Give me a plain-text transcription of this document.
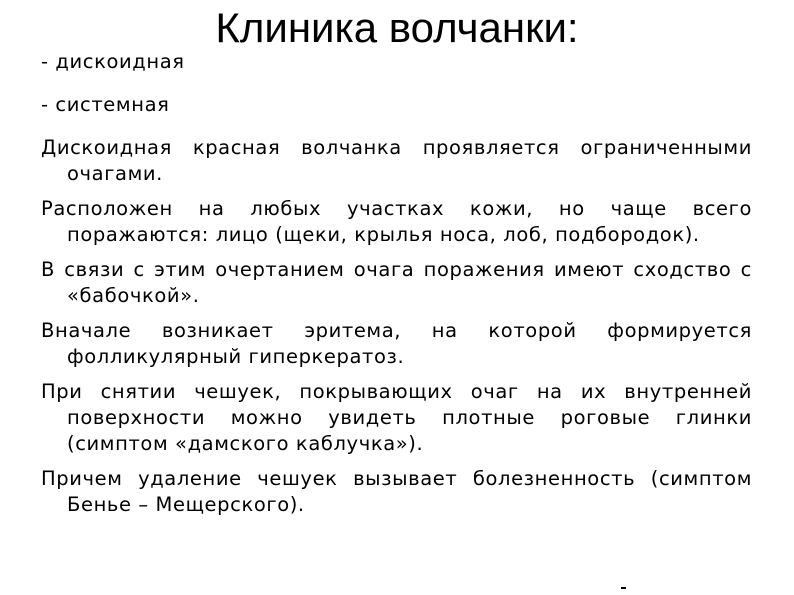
Клиника волчанки:

- дискоидная

- системная

Дискоидная красная волчанка проявляется ограниченными очагами.

Расположен на любых участках кожи, но чаще всего поражаются: лицо (щеки, крылья носа, лоб, подбородок).

В связи с этим очертанием очага поражения имеют сходство с «бабочкой».

Вначале возникает эритема, на которой формируется фолликулярный гиперкератоз.

При снятии чешуек, покрывающих очаг на их внутренней поверхности можно увидеть плотные роговые глинки (симптом «дамского каблучка»).

Причем удаление чешуек вызывает болезненность (симптом Бенье – Мещерского).
